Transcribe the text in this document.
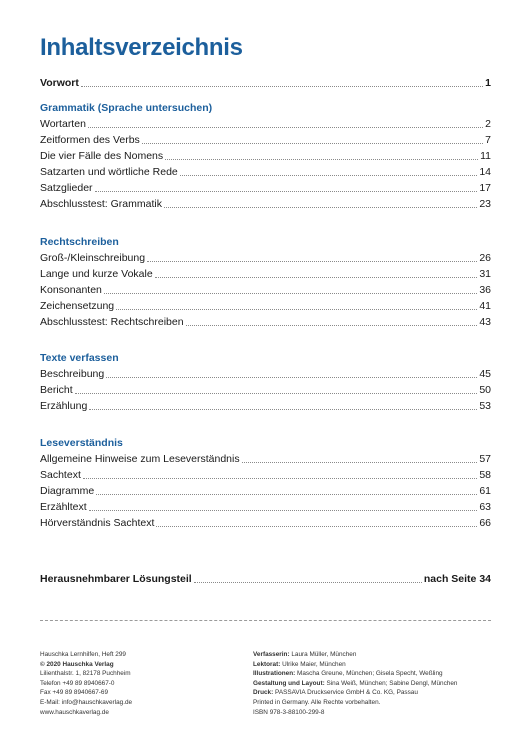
Inhaltsverzeichnis
Vorwort	1
Grammatik (Sprache untersuchen)
Wortarten	2
Zeitformen des Verbs	7
Die vier Fälle des Nomens	11
Satzarten und wörtliche Rede	14
Satzglieder	17
Abschlusstest: Grammatik	23
Rechtschreiben
Groß-/Kleinschreibung	26
Lange und kurze Vokale	31
Konsonanten	36
Zeichensetzung	41
Abschlusstest: Rechtschreiben	43
Texte verfassen
Beschreibung	45
Bericht	50
Erzählung	53
Leseverständnis
Allgemeine Hinweise zum Leseverständnis	57
Sachtext	58
Diagramme	61
Erzähltext	63
Hörverständnis Sachtext	66
Herausnehmbarer Lösungsteil	nach Seite 34
Hauschka Lernhilfen, Heft 299
© 2020 Hauschka Verlag
Lilienthalstr. 1, 82178 Puchheim
Telefon +49 89 8940667-0
Fax +49 89 8940667-69
E-Mail: info@hauschkaverlag.de
www.hauschkaverlag.de
Verfasserin: Laura Müller, München
Lektorat: Ulrike Maier, München
Illustrationen: Mascha Greune, München; Gisela Specht, Weßling
Gestaltung und Layout: Sina Weiß, München; Sabine Dengl, München
Druck: PASSAVIA Druckservice GmbH & Co. KG, Passau
Printed in Germany. Alle Rechte vorbehalten.
ISBN 978-3-88100-299-8
